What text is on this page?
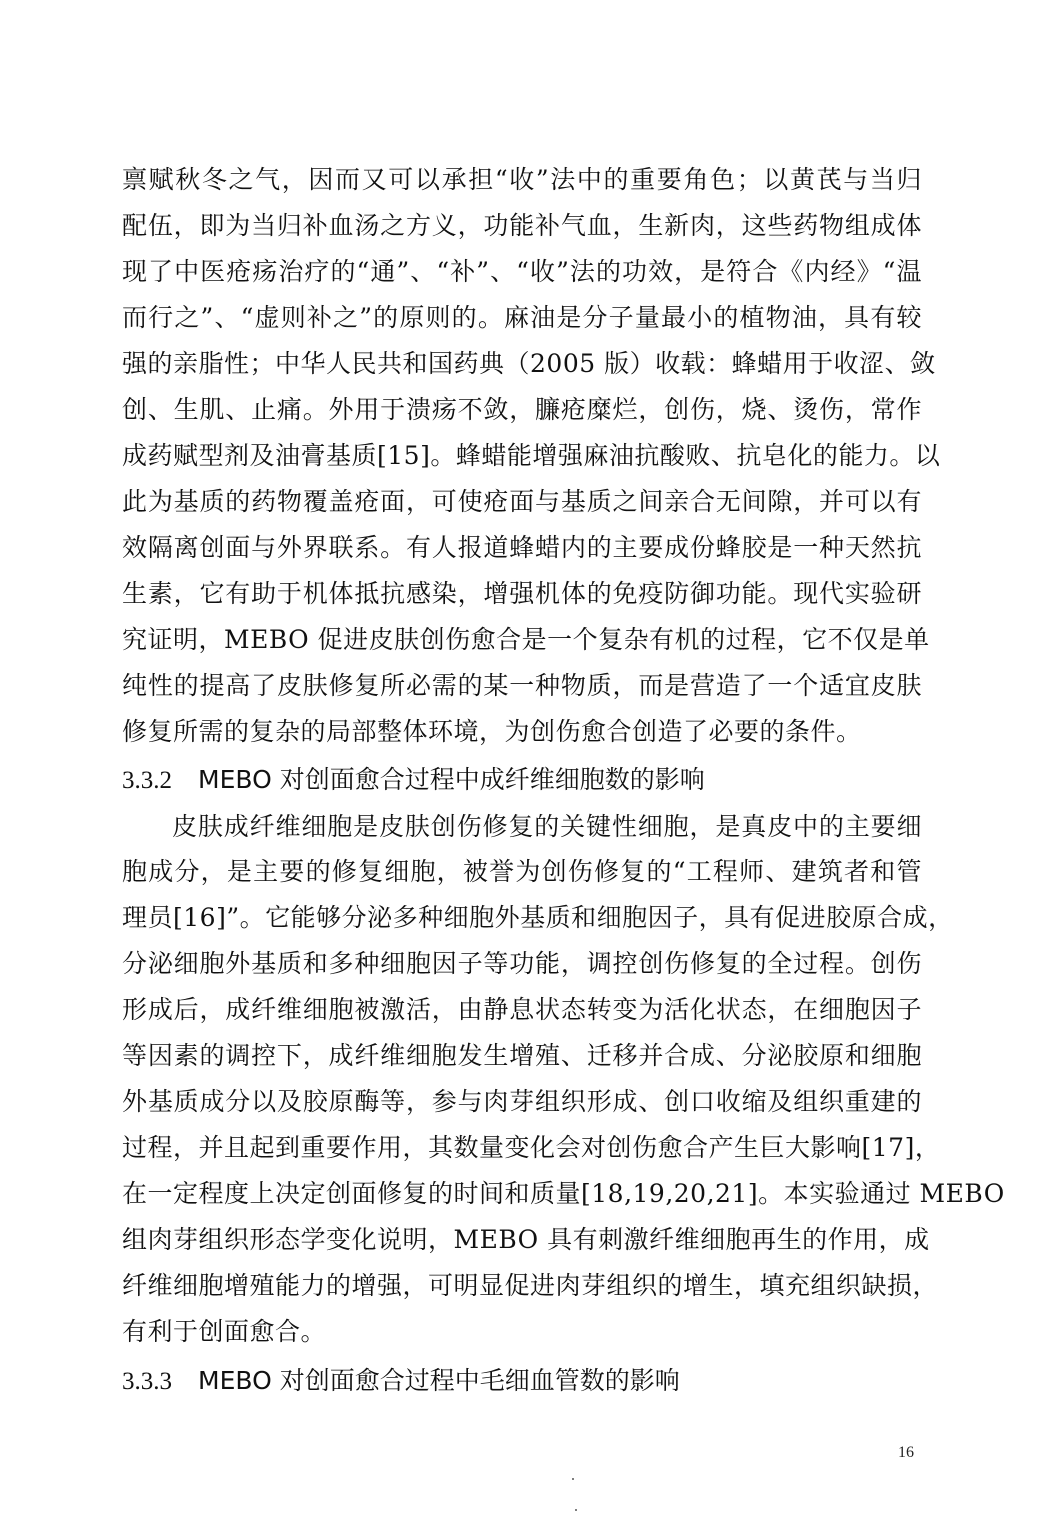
禀赋秋冬之气，因而又可以承担“收”法中的重要角色；以黄芪与当归
配伍，即为当归补血汤之方义，功能补气血，生新肉，这些药物组成体
现了中医疮疡治疗的“通”、“补”、“收”法的功效，是符合《内经》“温
而行之”、“虚则补之”的原则的。麻油是分子量最小的植物油，具有较
强的亲脂性；中华人民共和国药典（2005 版）收载：蜂蜡用于收涩、敛
创、生肌、止痛。外用于溃疡不敛，臁疮糜烂，创伤，烧、烫伤，常作
成药赋型剂及油膏基质[15]。蜂蜡能增强麻油抗酸败、抗皂化的能力。以
此为基质的药物覆盖疮面，可使疮面与基质之间亲合无间隙，并可以有
效隔离创面与外界联系。有人报道蜂蜡内的主要成份蜂胶是一种天然抗
生素，它有助于机体抵抗感染，增强机体的免疫防御功能。现代实验研
究证明，MEBO 促进皮肤创伤愈合是一个复杂有机的过程，它不仅是单
纯性的提高了皮肤修复所必需的某一种物质，而是营造了一个适宜皮肤
修复所需的复杂的局部整体环境，为创伤愈合创造了必要的条件。
3.3.2 MEBO 对创面愈合过程中成纤维细胞数的影响
皮肤成纤维细胞是皮肤创伤修复的关键性细胞，是真皮中的主要细
胞成分，是主要的修复细胞，被誉为创伤修复的“工程师、建筑者和管
理员[16]”。它能够分泌多种细胞外基质和细胞因子，具有促进胶原合成，
分泌细胞外基质和多种细胞因子等功能，调控创伤修复的全过程。创伤
形成后，成纤维细胞被激活，由静息状态转变为活化状态，在细胞因子
等因素的调控下，成纤维细胞发生增殖、迁移并合成、分泌胶原和细胞
外基质成分以及胶原酶等，参与肉芽组织形成、创口收缩及组织重建的
过程，并且起到重要作用，其数量变化会对创伤愈合产生巨大影响[17]，
在一定程度上决定创面修复的时间和质量[18,19,20,21]。本实验通过 MEBO
组肉芽组织形态学变化说明，MEBO 具有刺激纤维细胞再生的作用，成
纤维细胞增殖能力的增强，可明显促进肉芽组织的增生，填充组织缺损，
有利于创面愈合。
3.3.3 MEBO 对创面愈合过程中毛细血管数的影响
16
